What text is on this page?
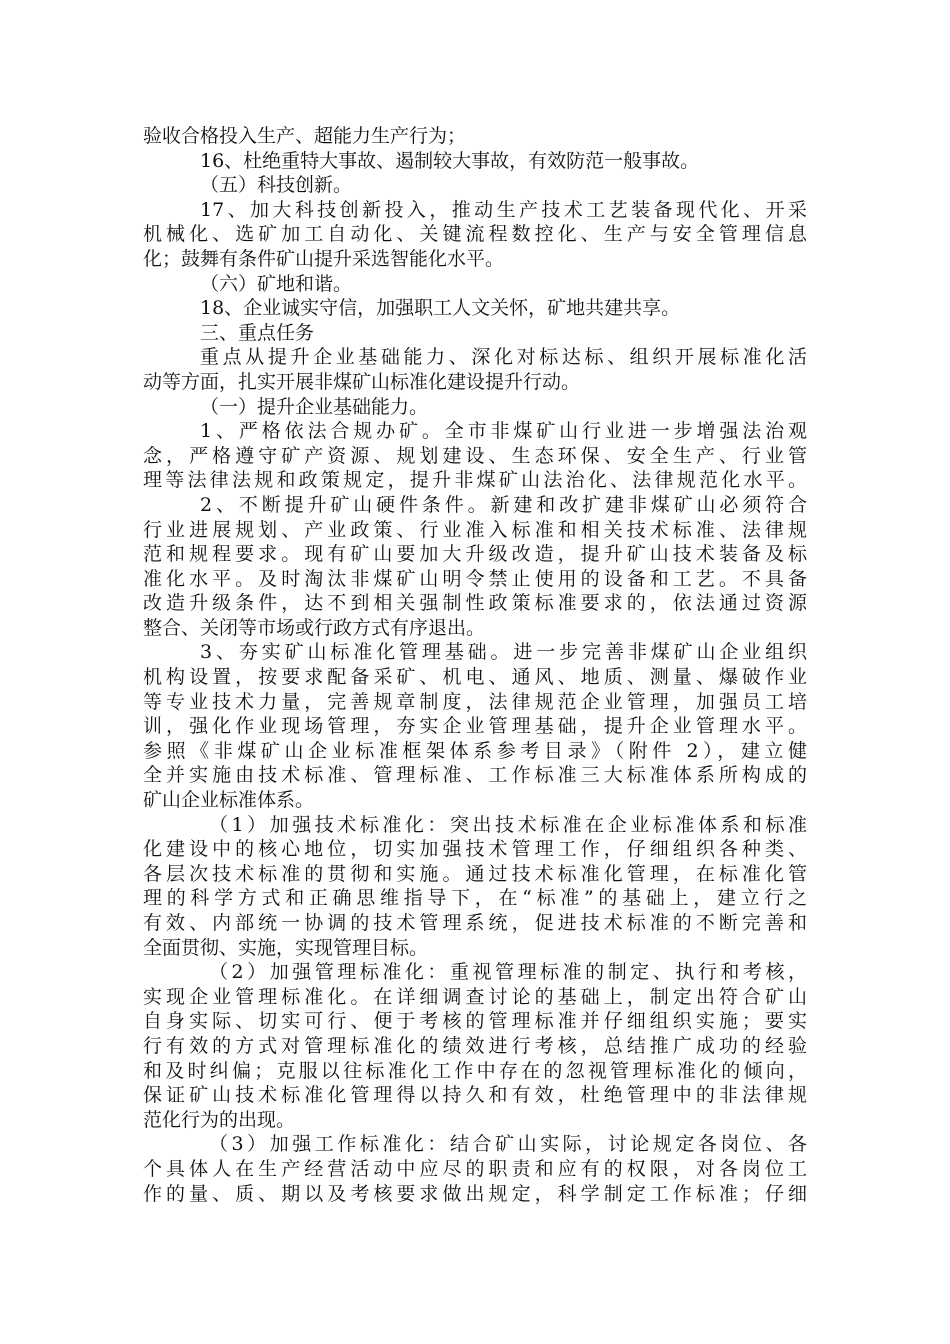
验收合格投入生产、超能力生产行为；
16、杜绝重特大事故、遏制较大事故，有效防范一般事故。
（五）科技创新。
17、加大科技创新投入，推动生产技术工艺装备现代化、开采
机械化、选矿加工自动化、关键流程数控化、生产与安全管理信息
化；鼓舞有条件矿山提升采选智能化水平。
（六）矿地和谐。
18、企业诚实守信，加强职工人文关怀，矿地共建共享。
三、重点任务
重点从提升企业基础能力、深化对标达标、组织开展标准化活
动等方面，扎实开展非煤矿山标准化建设提升行动。
（一）提升企业基础能力。
1、严格依法合规办矿。全市非煤矿山行业进一步增强法治观
念，严格遵守矿产资源、规划建设、生态环保、安全生产、行业管
理等法律法规和政策规定，提升非煤矿山法治化、法律规范化水平。
2、不断提升矿山硬件条件。新建和改扩建非煤矿山必须符合
行业进展规划、产业政策、行业准入标准和相关技术标准、法律规
范和规程要求。现有矿山要加大升级改造，提升矿山技术装备及标
准化水平。及时淘汰非煤矿山明令禁止使用的设备和工艺。不具备
改造升级条件，达不到相关强制性政策标准要求的，依法通过资源
整合、关闭等市场或行政方式有序退出。
3、夯实矿山标准化管理基础。进一步完善非煤矿山企业组织
机构设置，按要求配备采矿、机电、通风、地质、测量、爆破作业
等专业技术力量，完善规章制度，法律规范企业管理，加强员工培
训，强化作业现场管理，夯实企业管理基础，提升企业管理水平。
参照《非煤矿山企业标准框架体系参考目录》（附件 2），建立健
全并实施由技术标准、管理标准、工作标准三大标准体系所构成的
矿山企业标准体系。
（1）加强技术标准化：突出技术标准在企业标准体系和标准
化建设中的核心地位，切实加强技术管理工作，仔细组织各种类、
各层次技术标准的贯彻和实施。通过技术标准化管理，在标准化管
理的科学方式和正确思维指导下，在“标准”的基础上，建立行之
有效、内部统一协调的技术管理系统，促进技术标准的不断完善和
全面贯彻、实施，实现管理目标。
（2）加强管理标准化：重视管理标准的制定、执行和考核，
实现企业管理标准化。在详细调查讨论的基础上，制定出符合矿山
自身实际、切实可行、便于考核的管理标准并仔细组织实施；要实
行有效的方式对管理标准化的绩效进行考核，总结推广成功的经验
和及时纠偏；克服以往标准化工作中存在的忽视管理标准化的倾向，
保证矿山技术标准化管理得以持久和有效，杜绝管理中的非法律规
范化行为的出现。
（3）加强工作标准化：结合矿山实际，讨论规定各岗位、各
个具体人在生产经营活动中应尽的职责和应有的权限，对各岗位工
作的量、质、期以及考核要求做出规定，科学制定工作标准；仔细
